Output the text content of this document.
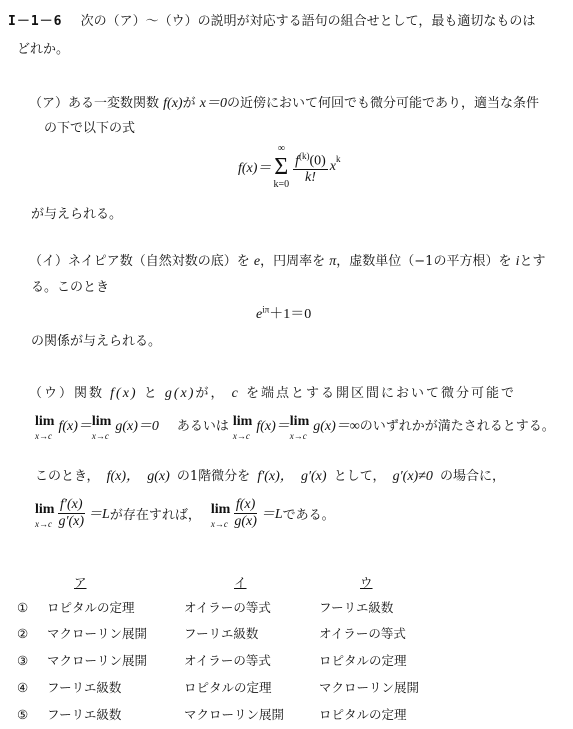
I－1－6 次の（ア）～（ウ）の説明が対応する語句の組合せとして，最も適切なものは
どれか。
（ア）ある一変数関数 f(x)が x＝0の近傍において何回でも微分可能であり，適当な条件
の下で以下の式
f(x)＝
∞
Σ
$k=0 \frac{f^{(k)}(0)}{k!} x^k$
が与えられる。
（イ）ネイピア数（自然対数の底）を e，円周率を π，虚数単位（−1の平方根）を iとす
る。このとき
$e^{i\pi}+1=0$
の関係が与えられる。
（ウ）関数 f(x) と g(x)が， c を端点とする開区間において微分可能で
lim
x→c
f(x)＝ lim
x→c
g(x)＝0 あるいは lim
x→c
f(x)＝ lim
x→c
g(x)＝∞ のいずれかが満たされるとする。
このとき， f(x)， g(x) の1階微分を f′(x)， g′(x) として， g′(x)≠0 の場合に，
lim
$x\to c \frac{f'(x)}{g'(x)} =L$ が存在すれば， lim
$x\to c \frac{f(x)}{g(x)} =L$ である。
ア	イ	ウ
① ロピタルの定理	オイラーの等式	フーリエ級数
② マクローリン展開	フーリエ級数	オイラーの等式
③ マクローリン展開	オイラーの等式	ロピタルの定理
④ フーリエ級数	ロピタルの定理	マクローリン展開
⑤ フーリエ級数	マクローリン展開	ロピタルの定理
